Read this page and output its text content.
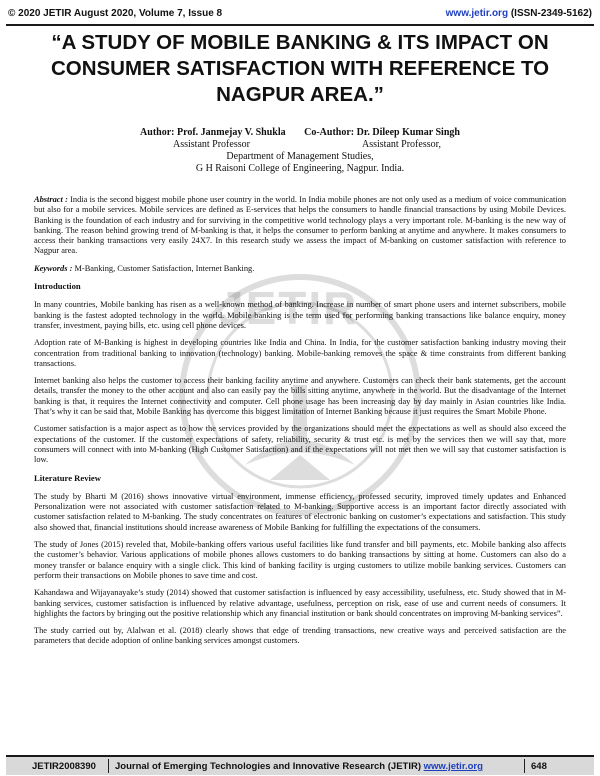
© 2020 JETIR August 2020, Volume 7, Issue 8	www.jetir.org (ISSN-2349-5162)
“A STUDY OF MOBILE BANKING & ITS IMPACT ON CONSUMER SATISFACTION WITH REFERENCE TO NAGPUR AREA.”
Author: Prof. Janmejay V. Shukla Co-Author: Dr. Dileep Kumar Singh
Assistant Professor	Assistant Professor,
Department of Management Studies,
G H Raisoni College of Engineering, Nagpur. India.
JETIR

Abstract : India is the second biggest mobile phone user country in the world. In India mobile phones are not only used as a medium of voice communication but also for a mobile services. Mobile services are defined as E-services that helps the consumers to handle financial transactions by using Mobile Devices. Banking is the foundation of each industry and for surviving in the competitive world technology plays a very important role. M-banking is the new way of banking. The reason behind growing trend of M-banking is that, it helps the consumer to perform banking at anytime and anywhere. It makes consumers to access their banking transactions very easily 24X7. In this research study we assess the impact of M-banking on customer satisfaction with reference to Nagpur area.

Keywords : M-Banking, Customer Satisfaction, Internet Banking.

Introduction

In many countries, Mobile banking has risen as a well-known method of banking. Increase in number of smart phone users and internet subscribers, mobile banking is the fastest adopted technology in the world. Mobile banking is the term used for performing banking transactions like balance enquiry, money transfer, investment, paying bills, etc. using cell phone devices.

Adoption rate of M-Banking is highest in developing countries like India and China. In India, for the customer satisfaction banking industry moving their concentration from traditional banking to innovation (technology) banking. Mobile-banking removes the space & time constraints from different banking transactions.

Internet banking also helps the customer to access their banking facility anytime and anywhere. Customers can check their bank statements, get the account details, transfer the money to the other account and also can easily pay the bills sitting anytime, anywhere in the world. But the disadvantage of the Internet banking is that, it requires the Internet connectivity and computer. Cell phone usage has been increasing day by day mainly in Asian countries like India. That’s why it can be said that, Mobile Banking has overcome this biggest limitation of Internet Banking because it just requires the Smart Mobile Phone.

Customer satisfaction is a major aspect as to how the services provided by the organizations should meet the expectations as well as should also exceed the expectations of the customer. If the customer expectations of safety, reliability, security & trust etc. is met by the services then we will say that, more consumers will connect with into M-banking (High Customer Satisfaction) and if the expectations will not met then we will say that customer satisfaction is low.

Literature Review

The study by Bharti M (2016) shows innovative virtual environment, immense efficiency, professed security, improved timely updates and Enhanced Personalization were not associated with customer satisfaction related to M-banking. Supportive access is an important factor directly associated with customer satisfaction related to M-banking. The study concentrates on features of electronic banking on customer’s expectations and satisfaction. This study also showed that, financial institutions should increase awareness of Mobile Banking for fulfilling the expectations of the consumers.

The study of Jones (2015) reveled that, Mobile-banking offers various useful facilities like fund transfer and bill payments, etc. Mobile banking also affects the customer’s behavior. Various applications of mobile phones allows customers to do banking transactions by sitting at home. Customers can also do a money transfer or balance enquiry with a single click. This kind of banking facility is urging customers to utilize mobile banking services. Customers can perform their transactions on Mobile phones to save time and cost.

Kahandawa and Wijayanayake’s study (2014) showed that customer satisfaction is influenced by easy accessibility, usefulness, etc. Study showed that in M-banking services, customer satisfaction is influenced by relative advantage, usefulness, perception on risk, ease of use and current needs of consumers. It highlights the factors by bringing out the positive relationship which any financial institution or bank should concentrates on improving M-banking services”.

The study carried out by, Alalwan et al. (2018) clearly shows that edge of trending transactions, new creative ways and perceived satisfaction are the parameters that decide adoption of online banking services amongst customers.

JETIR2008390 Journal of Emerging Technologies and Innovative Research (JETIR) www.jetir.org	648
